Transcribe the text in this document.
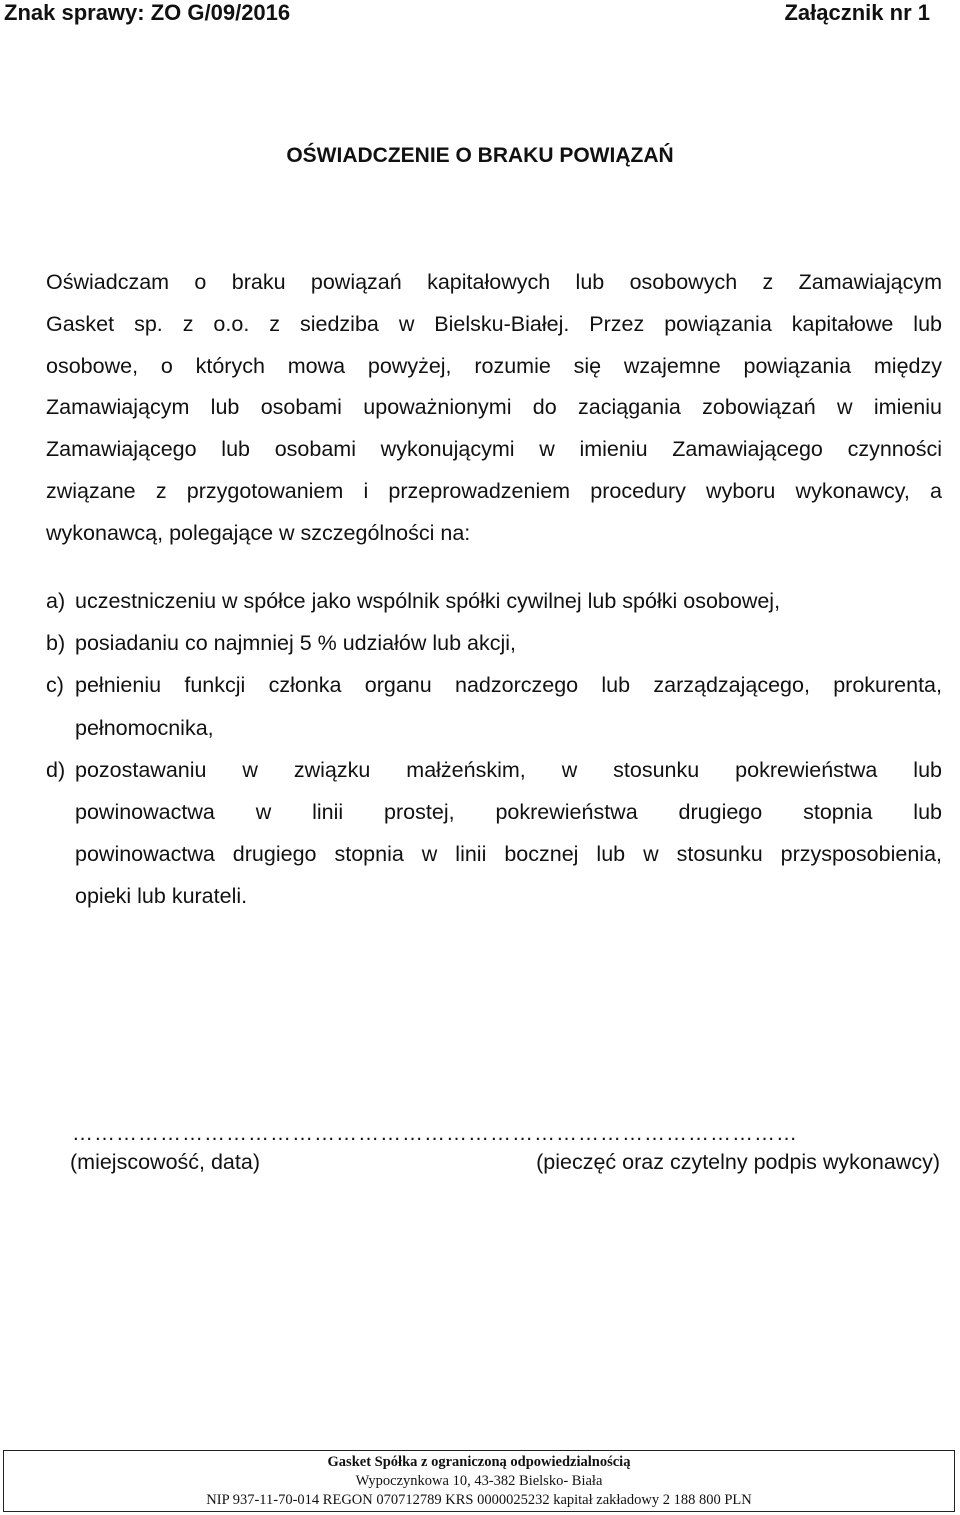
Znak sprawy: ZO G/09/2016	Załącznik nr 1
OŚWIADCZENIE O BRAKU POWIĄZAŃ
Oświadczam o braku powiązań kapitałowych lub osobowych z Zamawiającym
Gasket sp. z o.o. z siedziba w Bielsku-Białej. Przez powiązania kapitałowe lub
osobowe, o których mowa powyżej, rozumie się wzajemne powiązania między
Zamawiającym lub osobami upoważnionymi do zaciągania zobowiązań w imieniu
Zamawiającego lub osobami wykonującymi w imieniu Zamawiającego czynności
związane z przygotowaniem i przeprowadzeniem procedury wyboru wykonawcy, a
wykonawcą, polegające w szczególności na:
a) uczestniczeniu w spółce jako wspólnik spółki cywilnej lub spółki osobowej,
b) posiadaniu co najmniej 5 % udziałów lub akcji,
c) pełnieniu funkcji członka organu nadzorczego lub zarządzającego, prokurenta,
pełnomocnika,
d) pozostawaniu w związku małżeńskim, w stosunku pokrewieństwa lub
powinowactwa w linii prostej, pokrewieństwa drugiego stopnia lub
powinowactwa drugiego stopnia w linii bocznej lub w stosunku przysposobienia,
opieki lub kurateli.
………………………………………………………………………………………
(miejscowość, data)	(pieczęć oraz czytelny podpis wykonawcy)
Gasket Spółka z ograniczoną odpowiedzialnością
Wypoczynkowa 10, 43-382 Bielsko- Biała
NIP 937-11-70-014 REGON 070712789 KRS 0000025232 kapitał zakładowy 2 188 800 PLN
